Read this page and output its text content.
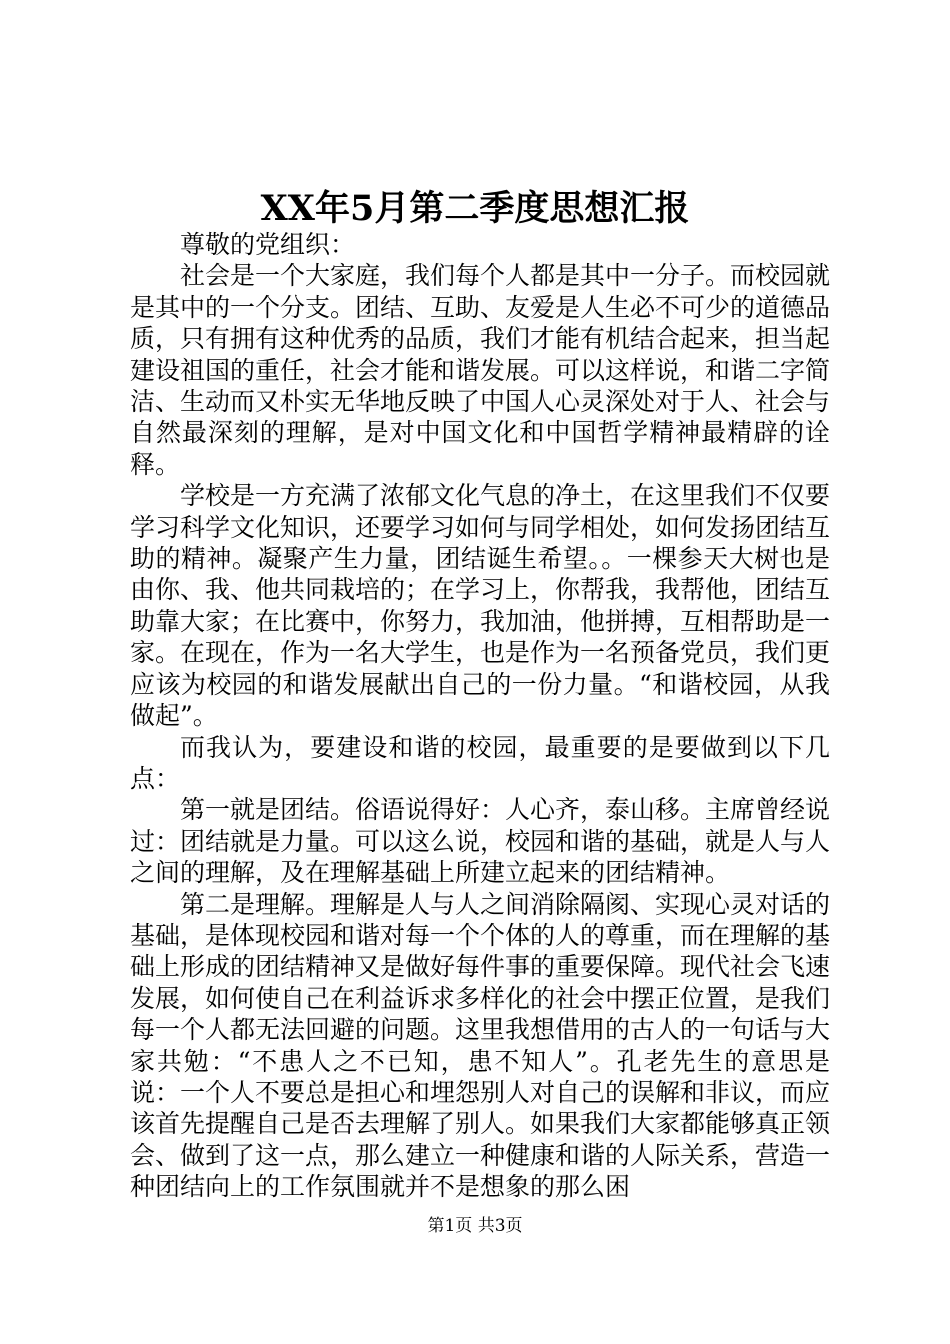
XX年5月第二季度思想汇报

尊敬的党组织：

社会是一个大家庭，我们每个人都是其中一分子。而校园就是其中的一个分支。团结、互助、友爱是人生必不可少的道德品质，只有拥有这种优秀的品质，我们才能有机结合起来，担当起建设祖国的重任，社会才能和谐发展。可以这样说，和谐二字简洁、生动而又朴实无华地反映了中国人心灵深处对于人、社会与自然最深刻的理解，是对中国文化和中国哲学精神最精辟的诠释。

学校是一方充满了浓郁文化气息的净土，在这里我们不仅要学习科学文化知识，还要学习如何与同学相处，如何发扬团结互助的精神。凝聚产生力量，团结诞生希望。。一棵参天大树也是由你、我、他共同栽培的；在学习上，你帮我，我帮他，团结互助靠大家；在比赛中，你努力，我加油，他拼搏，互相帮助是一家。在现在，作为一名大学生，也是作为一名预备党员，我们更应该为校园的和谐发展献出自己的一份力量。“和谐校园，从我做起”。

而我认为，要建设和谐的校园，最重要的是要做到以下几点：

第一就是团结。俗语说得好：人心齐，泰山移。主席曾经说过：团结就是力量。可以这么说，校园和谐的基础，就是人与人之间的理解，及在理解基础上所建立起来的团结精神。

第二是理解。理解是人与人之间消除隔阂、实现心灵对话的基础，是体现校园和谐对每一个个体的人的尊重，而在理解的基础上形成的团结精神又是做好每件事的重要保障。现代社会飞速发展，如何使自己在利益诉求多样化的社会中摆正位置，是我们每一个人都无法回避的问题。这里我想借用的古人的一句话与大家共勉：“不患人之不已知，患不知人”。孔老先生的意思是说：一个人不要总是担心和埋怨别人对自己的误解和非议，而应该首先提醒自己是否去理解了别人。如果我们大家都能够真正领会、做到了这一点，那么建立一种健康和谐的人际关系，营造一种团结向上的工作氛围就并不是想象的那么困

第1页 共3页
